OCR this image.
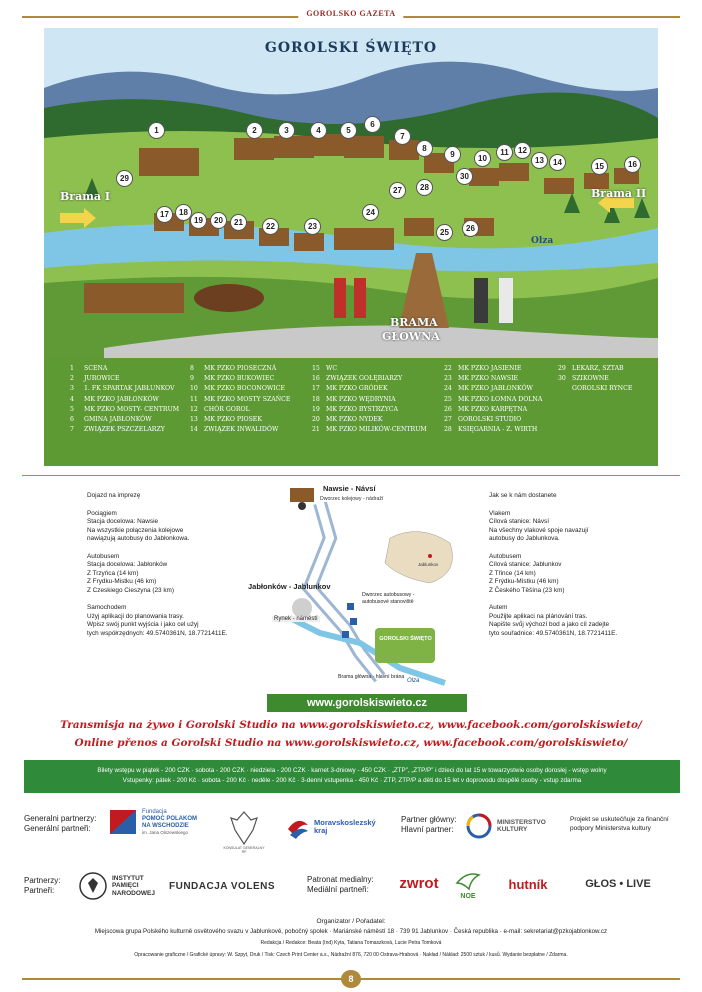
GOROLSKO GAZETA
GOROLSKI ŚWIĘTO
Brama I	Brama II
BRAMA
GŁÓWNA
Olza
1	2	3	4	5
6
7
8
9	10
11	12
13	14	15	16
17	18
19	20	21	22	23
24
25	26
27	28
29	30
1 SCENA
2 JUROWICE
3 1. FK SPARTAK JABŁUNKOV
4 MK PZKO JABŁONKÓW
5 MK PZKO MOSTY- CENTRUM
6 GMINA JABŁONKÓW
7 ZWIĄZEK PSZCZELARZY
8 MK PZKO PIOSECZNÁ
9 MK PZKO BUKOWIEC
10 MK PZKO BOCONOWICE
11 MK PZKO MOSTY SZAŃCE
12 CHÓR GOROL
13 MK PZKO PIOSEK
14 ZWIĄZEK INWALIDÓW
15 WC
16 ZWIĄZEK GOŁĘBIARZY
17 MK PZKO GRÓDEK
18 MK PZKO WĘDRYNIA
19 MK PZKO BYSTRZYCA
20 MK PZKO NYDEK
21 MK PZKO MILIKÓW-CENTRUM
22 MK PZKO JASIENIE
23 MK PZKO NAWSIE
24 MK PZKO JABŁONKÓW
25 MK PZKO ŁOMNA DOLNA
26 MK PZKO KARPĘTNA
27 GOROLSKI STUDIO
28 KSIĘGARNIA - Z. WIRTH
29 LEKARZ, SZTAB
30 SZIKOWNE
GOROLSKI RYNCE
Dojazd na imprezę
Pociągiem
Stacja docelowa: Nawsie
Na wszystkie połączenia kolejowe
nawiązują autobusy do Jabłonkowa.
Autobusem
Stacja docelowa: Jabłonków
Z Trzyńca (14 km)
Z Frydku-Mistku (46 km)
Z Czeskiego Cieszyna (23 km)
Samochodem
Użyj aplikacji do planowania trasy.
Wpisz swój punkt wyjścia i jako cel użyj
tych współrzędnych: 49.5740361N, 18.7721411E.
Jak se k nám dostanete
Vlakem
Cílová stanice: Návsí
Na všechny vlakové spoje navazují
autobusy do Jablunkova.
Autobusem
Cílová stanice: Jablunkov
Z Třince (14 km)
Z Frýdku-Místku (46 km)
Z Českého Těšína (23 km)
Autem
Použijte aplikaci na plánování tras.
Napište svůj výchozí bod a jako cíl zadejte
tyto souřadnice: 49.5740361N, 18.7721411E.
Nawsie - Návsí
Dworzec kolejowy - nádraží
Jabłonków - Jablunkov
Rynek - náměstí
Dworzec autobusowy - autobusové stanoviště
Brama główna - hlavní brána
Olza
GOROLSKI ŚWIĘTO
Jablunkov
www.gorolskiswieto.cz
Transmisja na żywo i Gorolski Studio na www.gorolskiswieto.cz, www.facebook.com/gorolskiswieto/
Online přenos a Gorolski Studio na www.gorolskiswieto.cz, www.facebook.com/gorolskiswieto/
Bilety wstępu w piątek - 200 CZK · sobota - 200 CZK · niedziela - 200 CZK · karnet 3-dniowy - 450 CZK · „ZTP”, „ZTP/P” i dzieci do lat 15 w towarzystwie osoby dorosłej - wstęp wolny
Vstupenky: pátek - 200 Kč · sobota - 200 Kč · neděle - 200 Kč · 3-denní vstupenka - 450 Kč · ZTP, ZTP/P a děti do 15 let v doprovodu dospělé osoby - vstup zdarma
Generalni partnerzy:
Generální partneři:
Fundacja
POMOC POLAKOM
NA WSCHODZIE
im. Jana Olszewskiego
KONSULAT GENERALNY RP
Moravskoslezský
kraj
Partner główny:
Hlavní partner:
MINISTERSTVO
KULTURY
Projekt se uskutečňuje za finanční
podpory Ministerstva kultury
Partnerzy:
Partneři:
INSTYTUT
PAMIĘCI
NARODOWEJ
FUNDACJA VOLENS
Patronat medialny:
Mediální partneři:	zwrot
NOE
hutník	GŁOS • LIVE
Organizator / Pořadatel:
Miejscowa grupa Polského kulturně osvětového svazu v Jablunkově, pobočný spolek · Mariánské náměstí 18 · 739 91 Jablunkov · Česká republika · e-mail: sekretariat@pzkojablonkow.cz
Redakcja / Redakce: Beata (Ind) Kyta, Tatiana Tomaszková, Lucie Petra Tomková
Opracowanie graficzne / Grafické úpravy: W. Szpyt, Druk / Tisk: Czech Print Center a.s., Nádražní 876, 720 00 Ostrava-Hrabová · Nakład / Náklad: 2500 sztuk / kusů. Wydanie bezpłatne / Zdarma.
8
